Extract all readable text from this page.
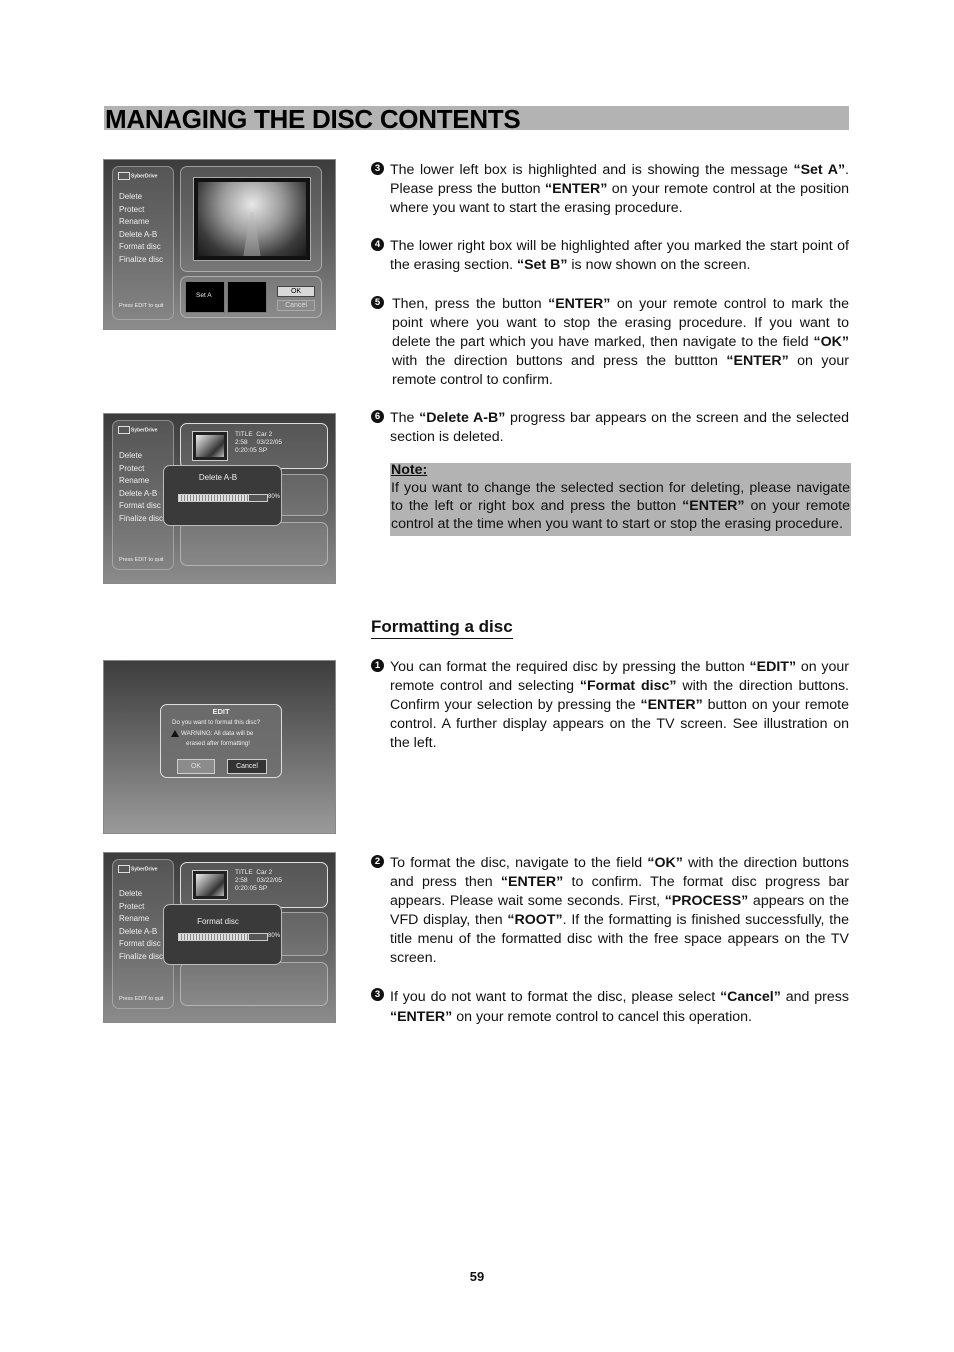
MANAGING THE DISC CONTENTS
SyberDrive
Delete
Protect
Rename
Delete A-B
Format disc
Finalize disc
Press EDIT to quit
Set A
OK
Cancel
SyberDrive
Delete
Protect
Rename
Delete A-B
Format disc
Finalize disc
Press EDIT to quit
TITLE  Car 2
2:58     03/22/05
0:20:05 SP
Delete A-B
80%
EDIT
Do you want to format this disc?
WARNING: All data will be
erased after formatting!
OK	Cancel
SyberDrive
Delete
Protect
Rename
Delete A-B
Format disc
Finalize disc
Press EDIT to quit
TITLE  Car 2
2:58     03/22/05
0:20:05 SP
Format disc
80%
3 The lower left box is highlighted and is showing the message “Set A”. Please press the button “ENTER” on your remote control at the position where you want to start the erasing procedure.
4 The lower right box will be highlighted after you marked the start point of the erasing section. “Set B” is now shown on the screen.
5 Then, press the button “ENTER” on your remote control to mark the point where you want to stop the erasing procedure. If you want to delete the part which you have marked, then navigate to the field “OK” with the direction buttons and press the buttton “ENTER” on your remote control to confirm.
6 The “Delete A-B” progress bar appears on the screen and the selected section is deleted.
Note:
If you want to change the selected section for deleting, please navigate to the left or right box and press the button “ENTER” on your remote control at the time when you want to start or stop the erasing procedure.
Formatting a disc
1 You can format the required disc by pressing the button “EDIT” on your remote control and selecting “Format disc” with the direction buttons. Confirm your selection by pressing the “ENTER” button on your remote control. A further display appears on the TV screen. See illustration on the left.
2 To format the disc, navigate to the field “OK” with the direction buttons and press then “ENTER” to confirm. The format disc progress bar appears. Please wait some seconds. First, “PROCESS” appears on the VFD display, then “ROOT”. If the formatting is finished successfully, the title menu of the formatted disc with the free space appears on the TV screen.
3 If you do not want to format the disc, please select “Cancel” and press “ENTER” on your remote control to cancel this operation.
59
